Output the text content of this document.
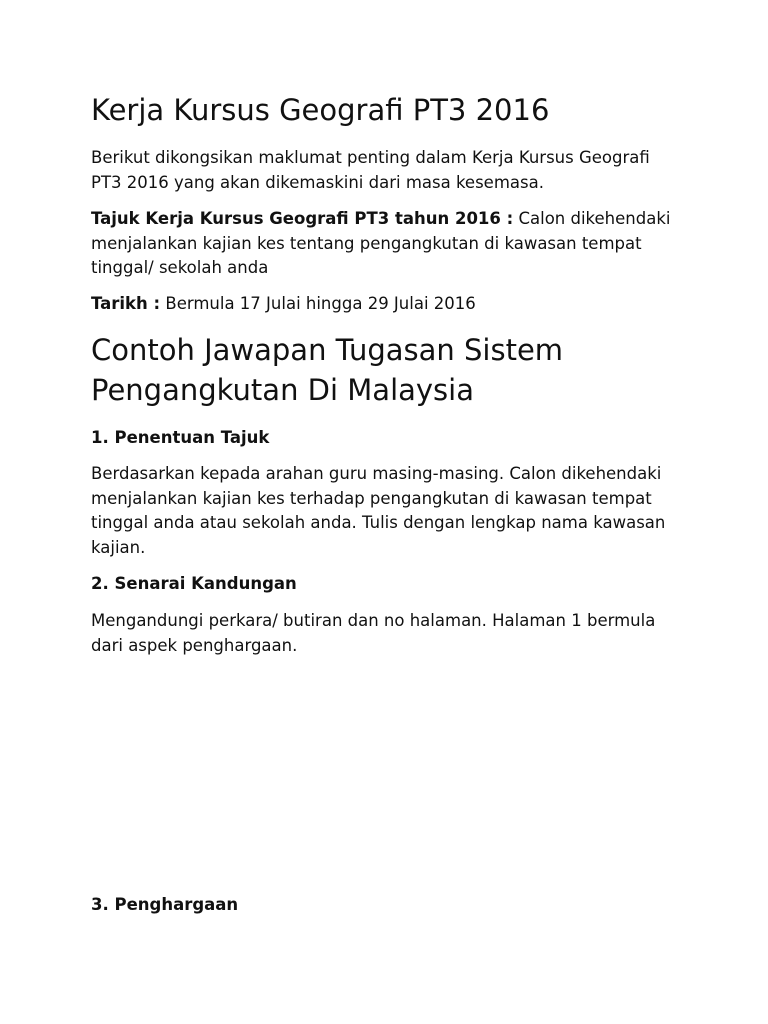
Kerja Kursus Geografi PT3 2016

Berikut dikongsikan maklumat penting dalam Kerja Kursus Geografi PT3 2016 yang akan dikemaskini dari masa kesemasa.

Tajuk Kerja Kursus Geografi PT3 tahun 2016 : Calon dikehendaki menjalankan kajian kes tentang pengangkutan di kawasan tempat tinggal/ sekolah anda

Tarikh : Bermula 17 Julai hingga 29 Julai 2016

Contoh Jawapan Tugasan Sistem Pengangkutan Di Malaysia
1. Penentuan Tajuk

Berdasarkan kepada arahan guru masing-masing. Calon dikehendaki menjalankan kajian kes terhadap pengangkutan di kawasan tempat tinggal anda atau sekolah anda. Tulis dengan lengkap nama kawasan kajian.

2. Senarai Kandungan

Mengandungi perkara/ butiran dan no halaman. Halaman 1 bermula dari aspek penghargaan.

3. Penghargaan
